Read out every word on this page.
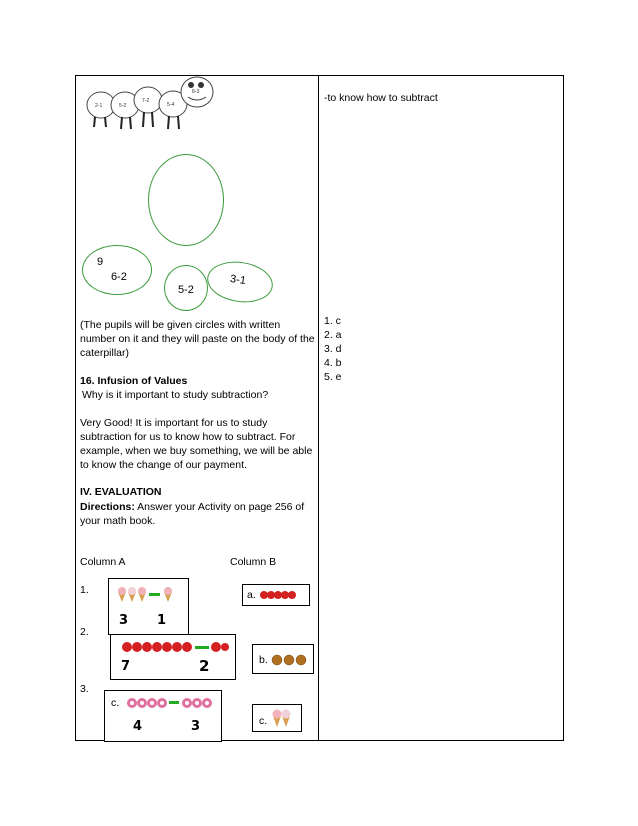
-to know how to subtract
2-1	5-2
7-2
5-4
8-3
9
6-2
5-2
3-1
(The pupils will be given circles with written number on it and they will paste on the body of the caterpillar)
1. c
2. a
3. d
4. b
5. e
16. Infusion of Values
Why is it important to study subtraction?
Very Good! It is important for us to study subtraction for us to know how to subtract. For example, when we buy something, we will be able to know the change of our payment.
IV. EVALUATION
Directions: Answer your Activity on page 256 of your math book.
Column A	Column B
1.
2.
3.
3 1
a.
7	2	b.
c.
4	3	c.
